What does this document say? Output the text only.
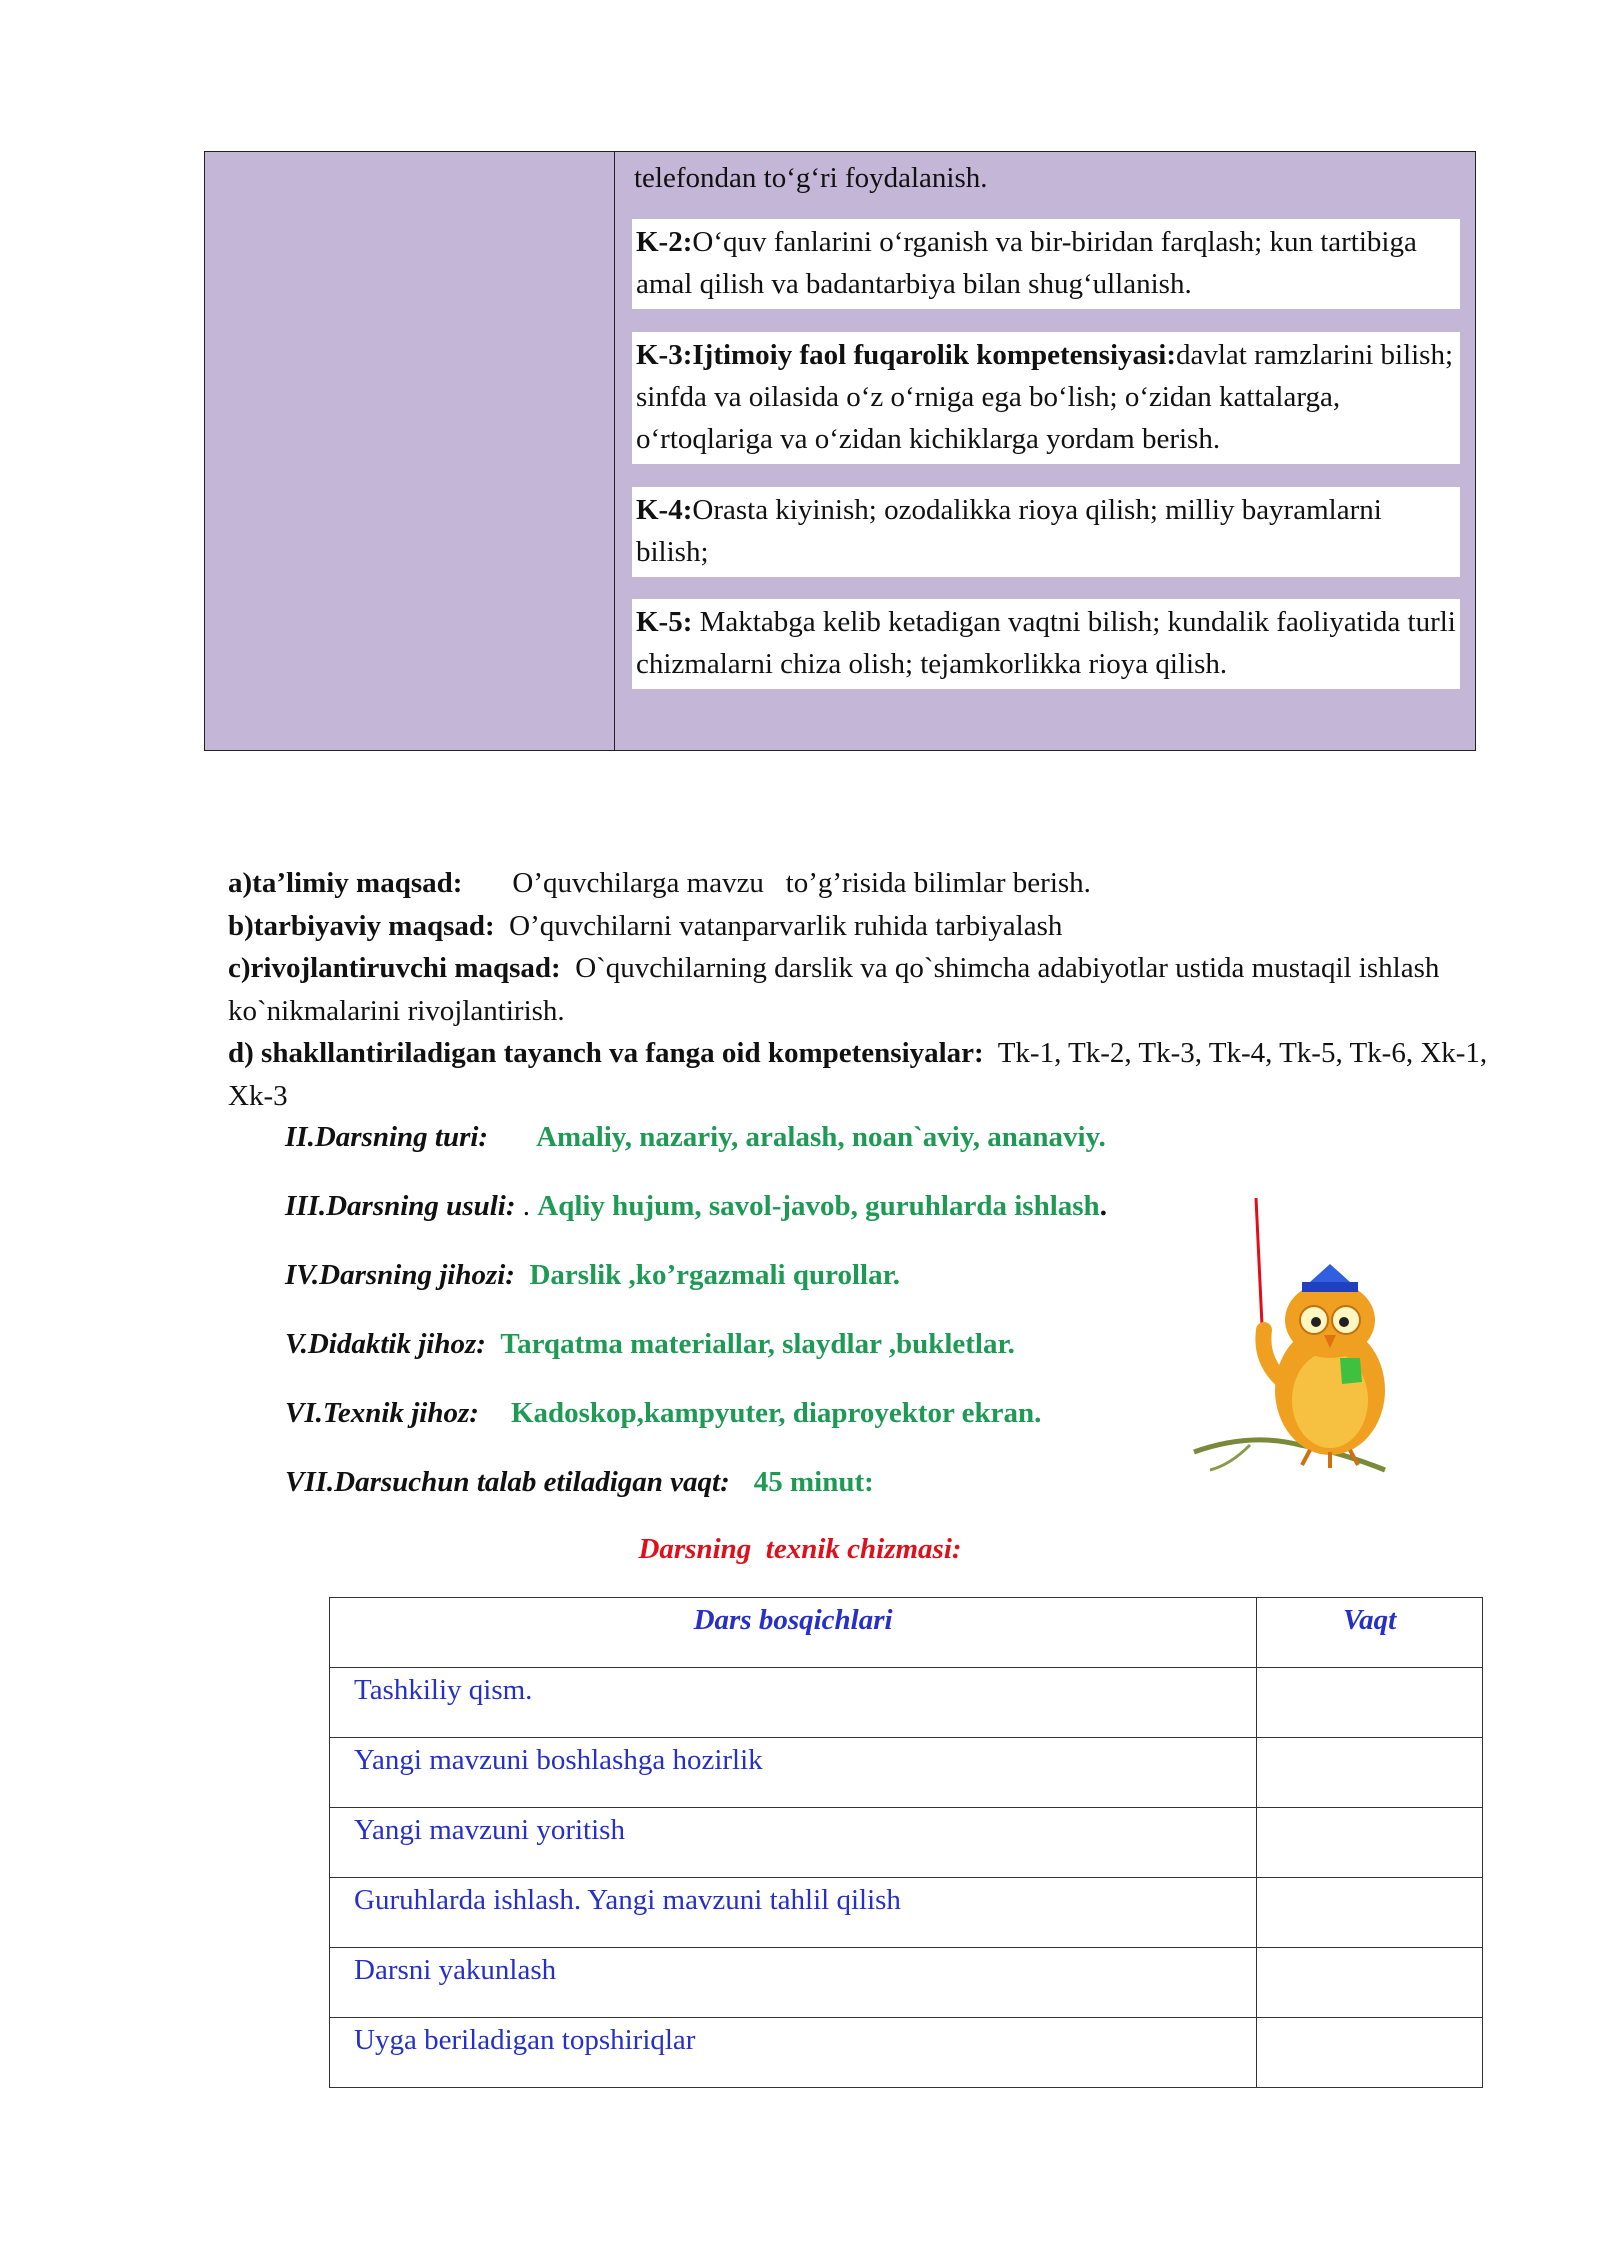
telefondan to‘g‘ri foydalanish.
K-2:O‘quv fanlarini o‘rganish va bir-biridan farqlash; kun tartibiga amal qilish va badantarbiya bilan shug‘ullanish.
K-3:Ijtimoiy faol fuqarolik kompetensiyasi:davlat ramzlarini bilish; sinfda va oilasida o‘z o‘rniga ega bo‘lish; o‘zidan kattalarga, o‘rtoqlariga va o‘zidan kichiklarga yordam berish.
K-4:Orasta kiyinish; ozodalikka rioya qilish; milliy bayramlarni bilish;
K-5: Maktabga kelib ketadigan vaqtni bilish; kundalik faoliyatida turli chizmalarni chiza olish; tejamkorlikka rioya qilish.

a)ta’limiy maqsad: O’quvchilarga mavzu   to’g’risida bilimlar berish.

b)tarbiyaviy maqsad: O’quvchilarni vatanparvarlik ruhida tarbiyalash

c)rivojlantiruvchi maqsad: O`quvchilarning darslik va qo`shimcha adabiyotlar ustida mustaqil ishlash ko`nikmalarini rivojlantirish.

d) shakllantiriladigan tayanch va fanga oid kompetensiyalar: Tk-1, Tk-2, Tk-3, Tk-4, Tk-5, Tk-6, Xk-1, Xk-3

II.Darsning turi: Amaliy, nazariy, aralash, noan`aviy, ananaviy.
III.Darsning usuli: . Aqliy hujum, savol-javob, guruhlarda ishlash.
IV.Darsning jihozi: Darslik ,ko’rgazmali qurollar.
V.Didaktik jihoz: Tarqatma materiallar, slaydlar ,bukletlar.
VI.Texnik jihoz: Kadoskop,kampyuter, diaproyektor ekran.
VII.Darsuchun talab etiladigan vaqt: 45 minut:
Darsning  texnik chizmasi:
Dars bosqichlari	Vaqt
Tashkiliy qism.	
Yangi mavzuni boshlashga hozirlik	
Yangi mavzuni yoritish	
Guruhlarda ishlash. Yangi mavzuni tahlil qilish	
Darsni yakunlash	
Uyga beriladigan topshiriqlar	
